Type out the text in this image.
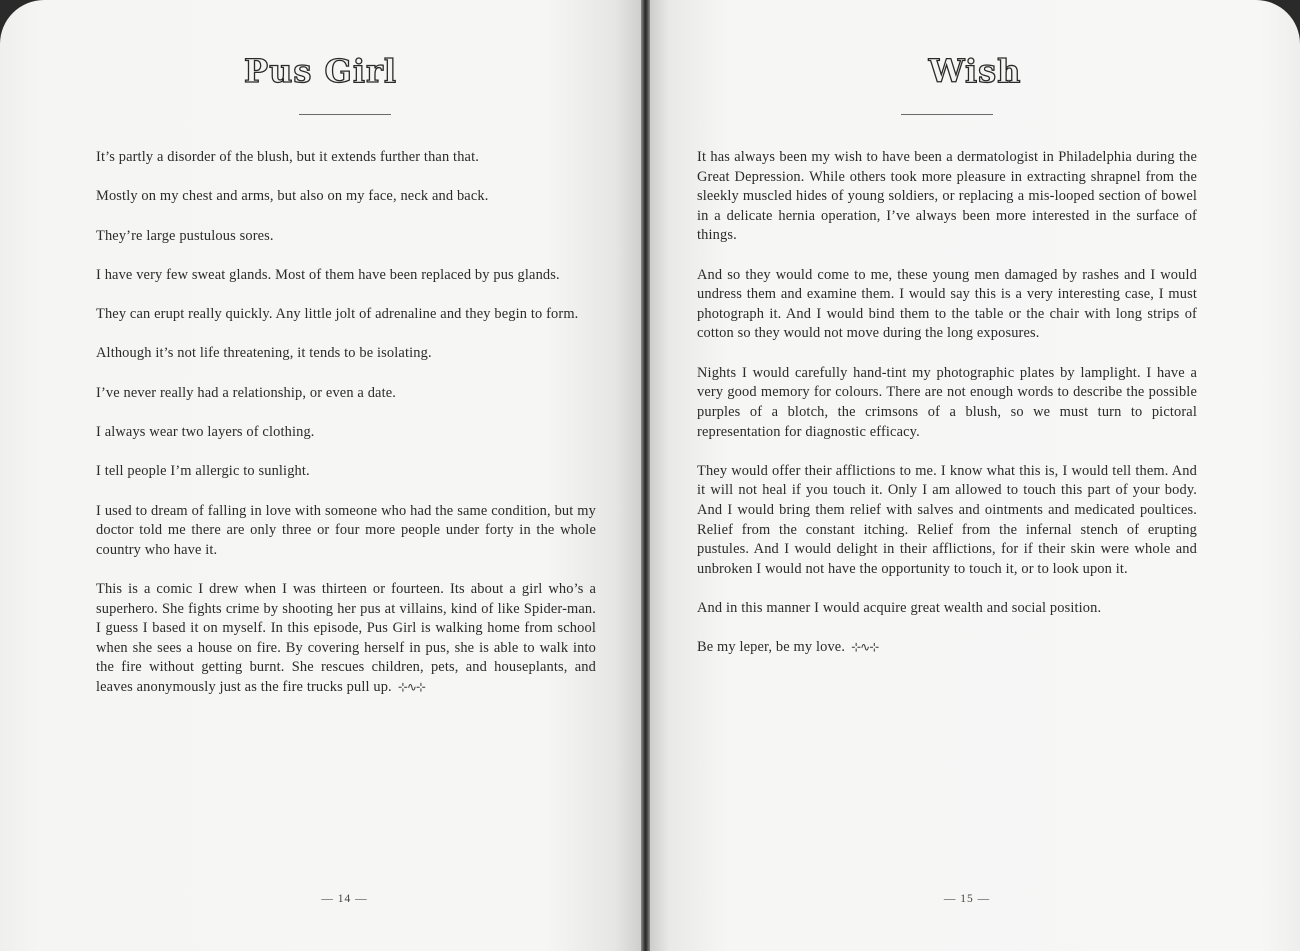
Pus Girl

It’s partly a disorder of the blush, but it extends further than that.

Mostly on my chest and arms, but also on my face, neck and back.

They’re large pustulous sores.

I have very few sweat glands. Most of them have been replaced by pus glands.

They can erupt really quickly. Any little jolt of adrenaline and they begin to form.

Although it’s not life threatening, it tends to be isolating.

I’ve never really had a relationship, or even a date.

I always wear two layers of clothing.

I tell people I’m allergic to sunlight.

I used to dream of falling in love with someone who had the same condition, but my doctor told me there are only three or four more people under forty in the whole country who have it.

This is a comic I drew when I was thirteen or fourteen. Its about a girl who’s a superhero. She fights crime by shooting her pus at villains, kind of like Spider-man. I guess I based it on myself. In this episode, Pus Girl is walking home from school when she sees a house on fire. By covering herself in pus, she is able to walk into the fire without getting burnt. She rescues children, pets, and houseplants, and leaves anonymously just as the fire trucks pull up. ⊹∿⊹

— 14 —
Wish

It has always been my wish to have been a dermatologist in Philadelphia during the Great Depression. While others took more pleasure in extracting shrapnel from the sleekly muscled hides of young soldiers, or replacing a mis-looped section of bowel in a delicate hernia operation, I’ve always been more interested in the surface of things.

And so they would come to me, these young men damaged by rashes and I would undress them and examine them. I would say this is a very interesting case, I must photograph it. And I would bind them to the table or the chair with long strips of cotton so they would not move during the long exposures.

Nights I would carefully hand-tint my photographic plates by lamplight. I have a very good memory for colours. There are not enough words to describe the possible purples of a blotch, the crimsons of a blush, so we must turn to pictoral representation for diagnostic efficacy.

They would offer their afflictions to me. I know what this is, I would tell them. And it will not heal if you touch it. Only I am allowed to touch this part of your body. And I would bring them relief with salves and ointments and medicated poultices. Relief from the constant itching. Relief from the infernal stench of erupting pustules. And I would delight in their afflictions, for if their skin were whole and unbroken I would not have the opportunity to touch it, or to look upon it.

And in this manner I would acquire great wealth and social position.

Be my leper, be my love. ⊹∿⊹

— 15 —
